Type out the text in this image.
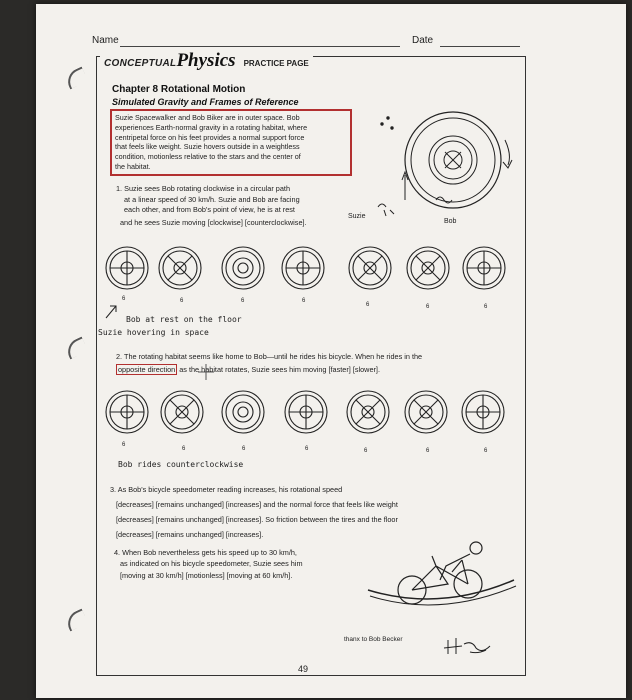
Name	Date
CONCEPTUALPhysics PRACTICE PAGE
Chapter 8 Rotational Motion
Simulated Gravity and Frames of Reference
Suzie Spacewalker and Bob Biker are in outer space. Bob
experiences Earth-normal gravity in a rotating habitat, where
centripetal force on his feet provides a normal support force
that feels like weight. Suzie hovers outside in a weightless
condition, motionless relative to the stars and the center of
the habitat.
1. Suzie sees Bob rotating clockwise in a circular path
at a linear speed of 30 km/h. Suzie and Bob are facing
each other, and from Bob's point of view, he is at rest
and he sees Suzie moving [clockwise] [counterclockwise].
Suzie
Bob
6	6	6	6
6	6	6
Bob at rest on the floor
Suzie hovering in space
2. The rotating habitat seems like home to Bob—until he rides his bicycle. When he rides in the
opposite direction as the habitat rotates, Suzie sees him moving [faster] [slower].
6
6	6	6	6	6	6
Bob rides counterclockwise
3. As Bob's bicycle speedometer reading increases, his rotational speed
[decreases] [remains unchanged] [increases] and the normal force that feels like weight
[decreases] [remains unchanged] [increases]. So friction between the tires and the floor
[decreases] [remains unchanged] [increases].
4. When Bob nevertheless gets his speed up to 30 km/h,
as indicated on his bicycle speedometer, Suzie sees him
[moving at 30 km/h] [motionless] [moving at 60 km/h].
thanx to Bob Becker
49
